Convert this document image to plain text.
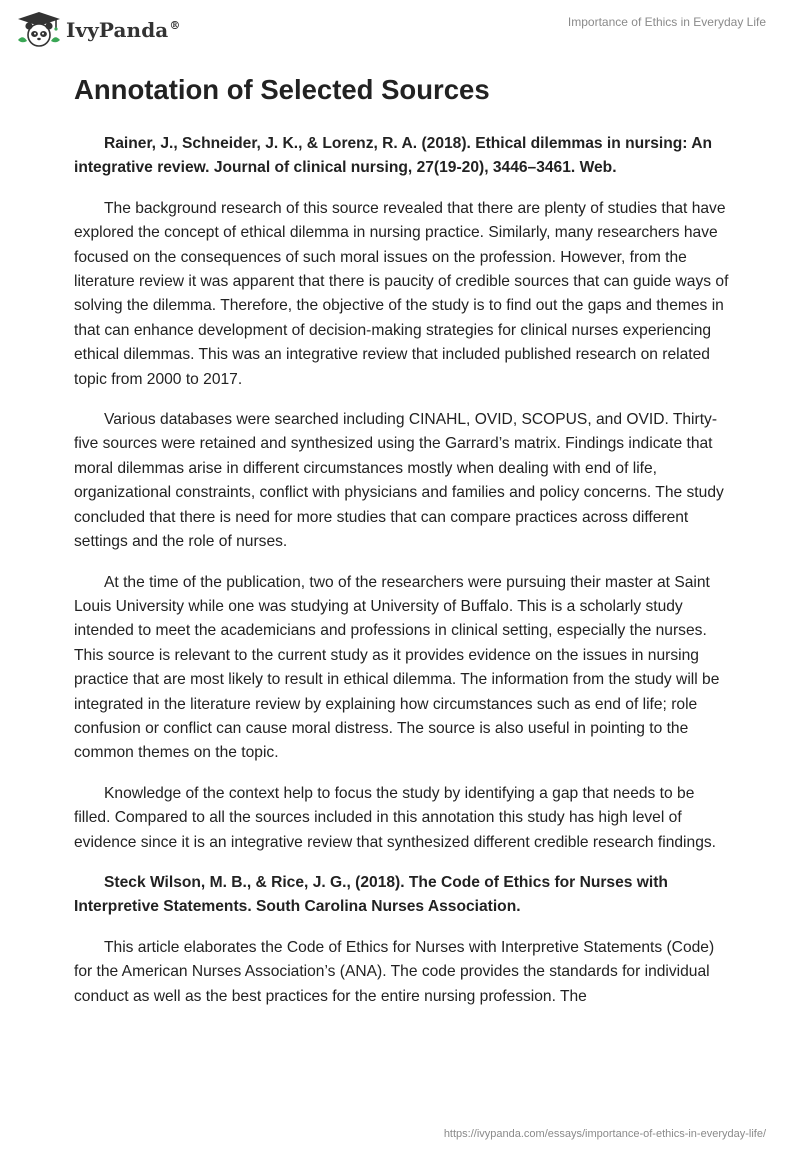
IvyPanda®	Importance of Ethics in Everyday Life
Annotation of Selected Sources

Rainer, J., Schneider, J. K., & Lorenz, R. A. (2018). Ethical dilemmas in nursing: An integrative review. Journal of clinical nursing, 27(19-20), 3446–3461. Web.

The background research of this source revealed that there are plenty of studies that have explored the concept of ethical dilemma in nursing practice. Similarly, many researchers have focused on the consequences of such moral issues on the profession. However, from the literature review it was apparent that there is paucity of credible sources that can guide ways of solving the dilemma. Therefore, the objective of the study is to find out the gaps and themes in that can enhance development of decision-making strategies for clinical nurses experiencing ethical dilemmas. This was an integrative review that included published research on related topic from 2000 to 2017.

Various databases were searched including CINAHL, OVID, SCOPUS, and OVID. Thirty-five sources were retained and synthesized using the Garrard’s matrix. Findings indicate that moral dilemmas arise in different circumstances mostly when dealing with end of life, organizational constraints, conflict with physicians and families and policy concerns. The study concluded that there is need for more studies that can compare practices across different settings and the role of nurses.

At the time of the publication, two of the researchers were pursuing their master at Saint Louis University while one was studying at University of Buffalo. This is a scholarly study intended to meet the academicians and professions in clinical setting, especially the nurses. This source is relevant to the current study as it provides evidence on the issues in nursing practice that are most likely to result in ethical dilemma. The information from the study will be integrated in the literature review by explaining how circumstances such as end of life; role confusion or conflict can cause moral distress. The source is also useful in pointing to the common themes on the topic.

Knowledge of the context help to focus the study by identifying a gap that needs to be filled. Compared to all the sources included in this annotation this study has high level of evidence since it is an integrative review that synthesized different credible research findings.

Steck Wilson, M. B., & Rice, J. G., (2018). The Code of Ethics for Nurses with Interpretive Statements. South Carolina Nurses Association.

This article elaborates the Code of Ethics for Nurses with Interpretive Statements (Code) for the American Nurses Association’s (ANA). The code provides the standards for individual conduct as well as the best practices for the entire nursing profession. The

https://ivypanda.com/essays/importance-of-ethics-in-everyday-life/
